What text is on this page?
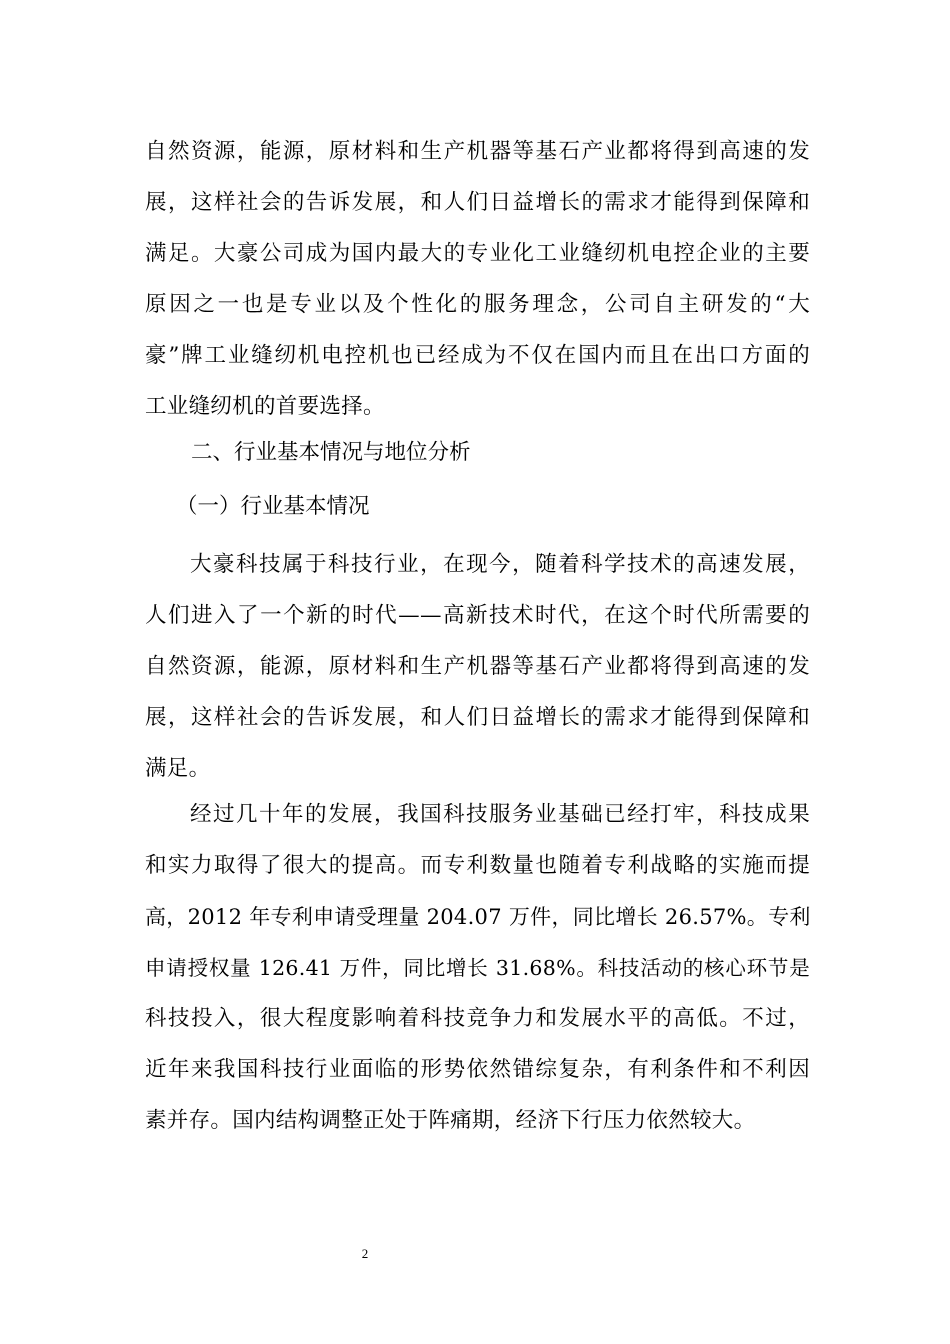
自然资源，能源，原材料和生产机器等基石产业都将得到高速的发
展，这样社会的告诉发展，和人们日益增长的需求才能得到保障和
满足。大豪公司成为国内最大的专业化工业缝纫机电控企业的主要
原因之一也是专业以及个性化的服务理念，公司自主研发的“大
豪”牌工业缝纫机电控机也已经成为不仅在国内而且在出口方面的
工业缝纫机的首要选择。
二、行业基本情况与地位分析
（一）行业基本情况
大豪科技属于科技行业，在现今，随着科学技术的高速发展，
人们进入了一个新的时代——高新技术时代，在这个时代所需要的
自然资源，能源，原材料和生产机器等基石产业都将得到高速的发
展，这样社会的告诉发展，和人们日益增长的需求才能得到保障和
满足。
经过几十年的发展，我国科技服务业基础已经打牢，科技成果
和实力取得了很大的提高。而专利数量也随着专利战略的实施而提
高，2012 年专利申请受理量 204.07 万件，同比增长 26.57%。专利
申请授权量 126.41 万件，同比增长 31.68%。科技活动的核心环节是
科技投入，很大程度影响着科技竞争力和发展水平的高低。不过，
近年来我国科技行业面临的形势依然错综复杂，有利条件和不利因
素并存。国内结构调整正处于阵痛期，经济下行压力依然较大。
2
